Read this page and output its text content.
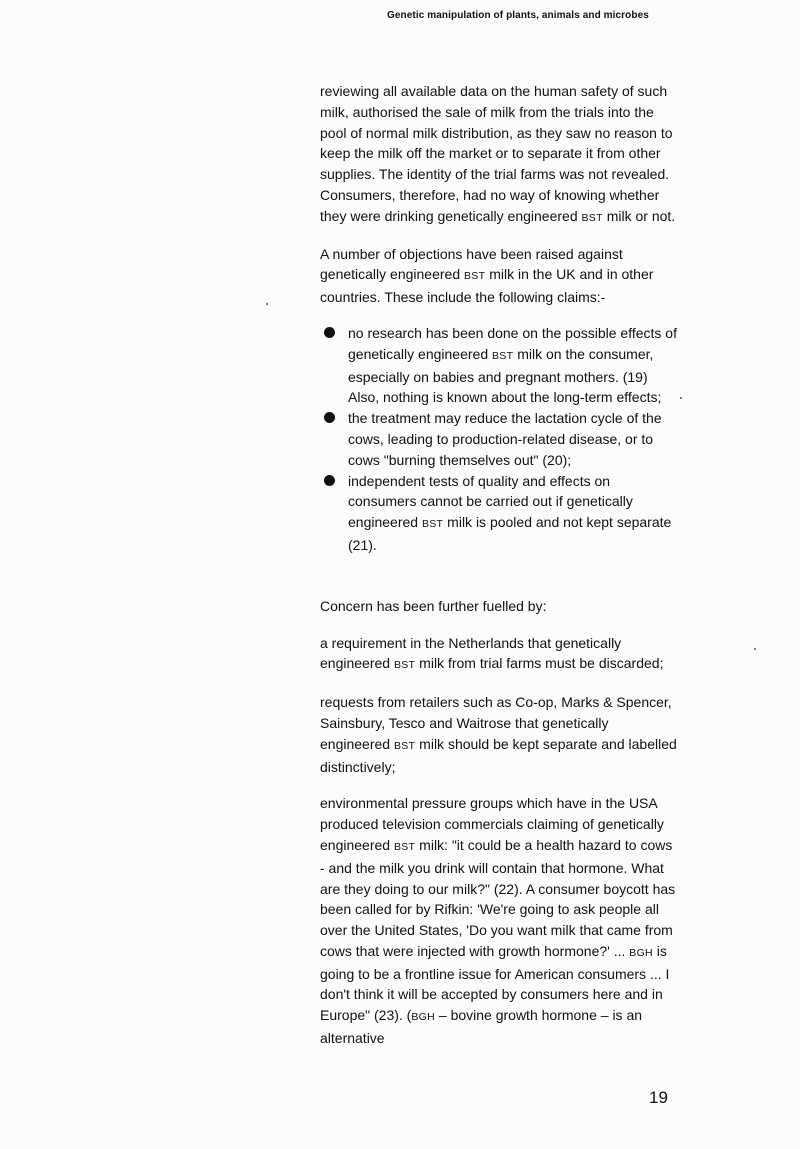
Genetic manipulation of plants, animals and microbes

reviewing all available data on the human safety of such milk, authorised the sale of milk from the trials into the pool of normal milk distribution, as they saw no reason to keep the milk off the market or to separate it from other supplies. The identity of the trial farms was not revealed. Consumers, therefore, had no way of knowing whether they were drinking genetically engineered BST milk or not.

A number of objections have been raised against genetically engineered BST milk in the UK and in other countries. These include the following claims:-

no research has been done on the possible effects of genetically engineered BST milk on the consumer, especially on babies and pregnant mothers. (19) Also, nothing is known about the long-term effects;
the treatment may reduce the lactation cycle of the cows, leading to production-related disease, or to cows "burning themselves out" (20);
independent tests of quality and effects on consumers cannot be carried out if genetically engineered BST milk is pooled and not kept separate (21).

Concern has been further fuelled by:

a requirement in the Netherlands that genetically engineered BST milk from trial farms must be discarded;

requests from retailers such as Co-op, Marks & Spencer, Sainsbury, Tesco and Waitrose that genetically engineered BST milk should be kept separate and labelled distinctively;

environmental pressure groups which have in the USA produced television commercials claiming of genetically engineered BST milk: "it could be a health hazard to cows - and the milk you drink will contain that hormone. What are they doing to our milk?" (22). A consumer boycott has been called for by Rifkin: 'We're going to ask people all over the United States, 'Do you want milk that came from cows that were injected with growth hormone?' ... BGH is going to be a frontline issue for American consumers ... I don't think it will be accepted by consumers here and in Europe" (23). (BGH – bovine growth hormone – is an alternative

19
